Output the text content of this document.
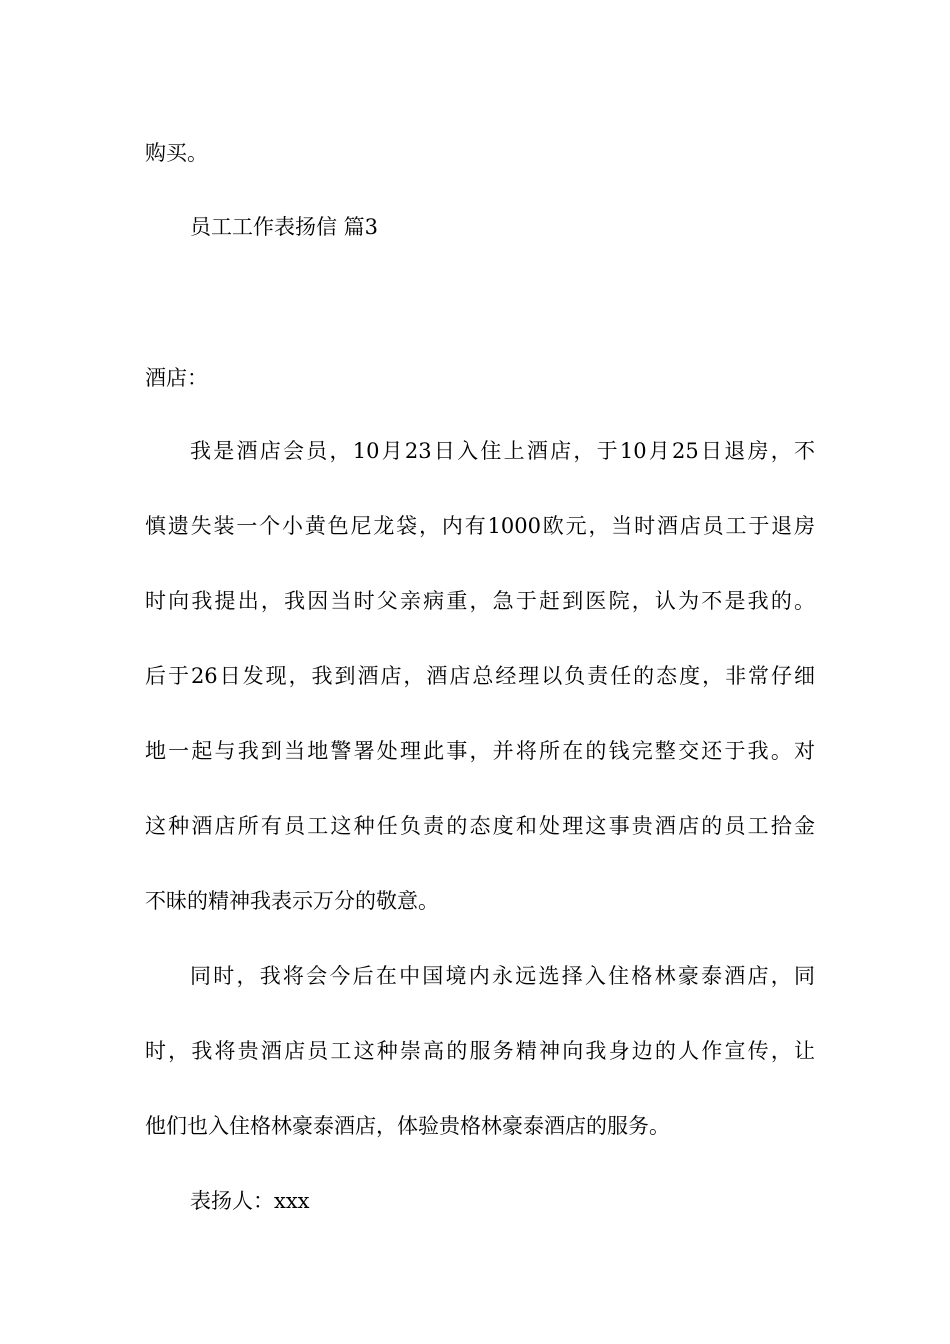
购买。
员工工作表扬信 篇3
酒店：
我是酒店会员，10月23日入住上酒店，于10月25日退房，不
慎遗失装一个小黄色尼龙袋，内有1000欧元，当时酒店员工于退房
时向我提出，我因当时父亲病重，急于赶到医院，认为不是我的。
后于26日发现，我到酒店，酒店总经理以负责任的态度，非常仔细
地一起与我到当地警署处理此事，并将所在的钱完整交还于我。对
这种酒店所有员工这种任负责的态度和处理这事贵酒店的员工拾金
不昧的精神我表示万分的敬意。
同时，我将会今后在中国境内永远选择入住格林豪泰酒店，同
时，我将贵酒店员工这种崇高的服务精神向我身边的人作宣传，让
他们也入住格林豪泰酒店，体验贵格林豪泰酒店的服务。
表扬人：xxx
